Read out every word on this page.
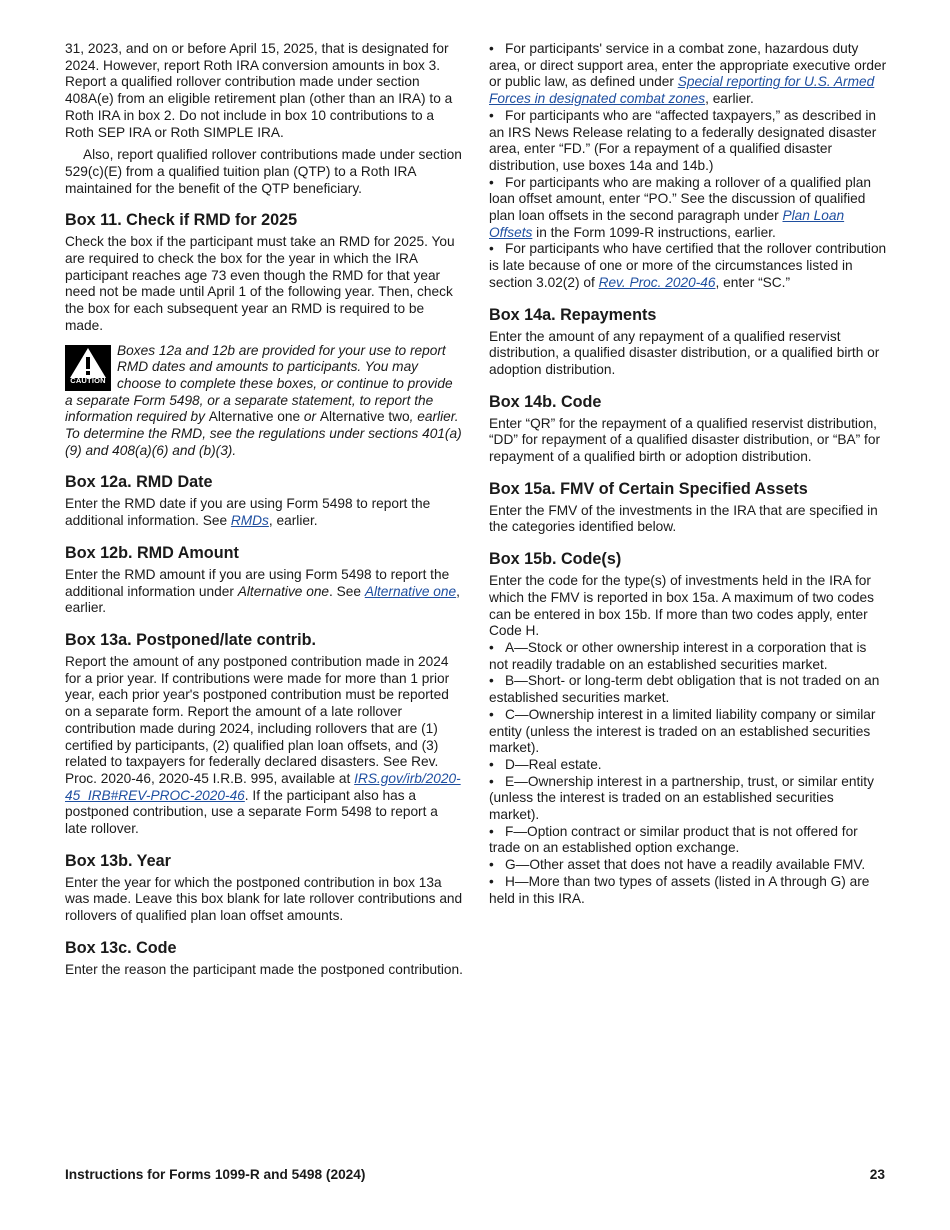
31, 2023, and on or before April 15, 2025, that is designated for 2024. However, report Roth IRA conversion amounts in box 3. Report a qualified rollover contribution made under section 408A(e) from an eligible retirement plan (other than an IRA) to a Roth IRA in box 2. Do not include in box 10 contributions to a Roth SEP IRA or Roth SIMPLE IRA.

Also, report qualified rollover contributions made under section 529(c)(E) from a qualified tuition plan (QTP) to a Roth IRA maintained for the benefit of the QTP beneficiary.

Box 11. Check if RMD for 2025

Check the box if the participant must take an RMD for 2025. You are required to check the box for the year in which the IRA participant reaches age 73 even though the RMD for that year need not be made until April 1 of the following year. Then, check the box for each subsequent year an RMD is required to be made.

CAUTION
Boxes 12a and 12b are provided for your use to report RMD dates and amounts to participants. You may choose to complete these boxes, or continue to provide a separate Form 5498, or a separate statement, to report the information required by Alternative one or Alternative two, earlier. To determine the RMD, see the regulations under sections 401(a)(9) and 408(a)(6) and (b)(3).
Box 12a. RMD Date

Enter the RMD date if you are using Form 5498 to report the additional information. See RMDs, earlier.

Box 12b. RMD Amount

Enter the RMD amount if you are using Form 5498 to report the additional information under Alternative one. See Alternative one, earlier.

Box 13a. Postponed/late contrib.

Report the amount of any postponed contribution made in 2024 for a prior year. If contributions were made for more than 1 prior year, each prior year's postponed contribution must be reported on a separate form. Report the amount of a late rollover contribution made during 2024, including rollovers that are (1) certified by participants, (2) qualified plan loan offsets, and (3) related to taxpayers for federally declared disasters. See Rev. Proc. 2020-46, 2020-45 I.R.B. 995, available at IRS.gov/irb/2020-45_IRB#REV-PROC-2020-46. If the participant also has a postponed contribution, use a separate Form 5498 to report a late rollover.

Box 13b. Year

Enter the year for which the postponed contribution in box 13a was made. Leave this box blank for late rollover contributions and rollovers of qualified plan loan offset amounts.

Box 13c. Code

Enter the reason the participant made the postponed contribution.

• For participants' service in a combat zone, hazardous duty area, or direct support area, enter the appropriate executive order or public law, as defined under Special reporting for U.S. Armed Forces in designated combat zones, earlier.
• For participants who are “affected taxpayers,” as described in an IRS News Release relating to a federally designated disaster area, enter “FD.” (For a repayment of a qualified disaster distribution, use boxes 14a and 14b.)
• For participants who are making a rollover of a qualified plan loan offset amount, enter “PO.” See the discussion of qualified plan loan offsets in the second paragraph under Plan Loan Offsets in the Form 1099-R instructions, earlier.
• For participants who have certified that the rollover contribution is late because of one or more of the circumstances listed in section 3.02(2) of Rev. Proc. 2020-46, enter “SC.”
Box 14a. Repayments

Enter the amount of any repayment of a qualified reservist distribution, a qualified disaster distribution, or a qualified birth or adoption distribution.

Box 14b. Code

Enter “QR” for the repayment of a qualified reservist distribution, “DD” for repayment of a qualified disaster distribution, or “BA” for repayment of a qualified birth or adoption distribution.

Box 15a. FMV of Certain Specified Assets

Enter the FMV of the investments in the IRA that are specified in the categories identified below.

Box 15b. Code(s)

Enter the code for the type(s) of investments held in the IRA for which the FMV is reported in box 15a. A maximum of two codes can be entered in box 15b. If more than two codes apply, enter Code H.

• A—Stock or other ownership interest in a corporation that is not readily tradable on an established securities market.
• B—Short- or long-term debt obligation that is not traded on an established securities market.
• C—Ownership interest in a limited liability company or similar entity (unless the interest is traded on an established securities market).
• D—Real estate.
• E—Ownership interest in a partnership, trust, or similar entity (unless the interest is traded on an established securities market).
• F—Option contract or similar product that is not offered for trade on an established option exchange.
• G—Other asset that does not have a readily available FMV.
• H—More than two types of assets (listed in A through G) are held in this IRA.
Instructions for Forms 1099-R and 5498 (2024)	23
